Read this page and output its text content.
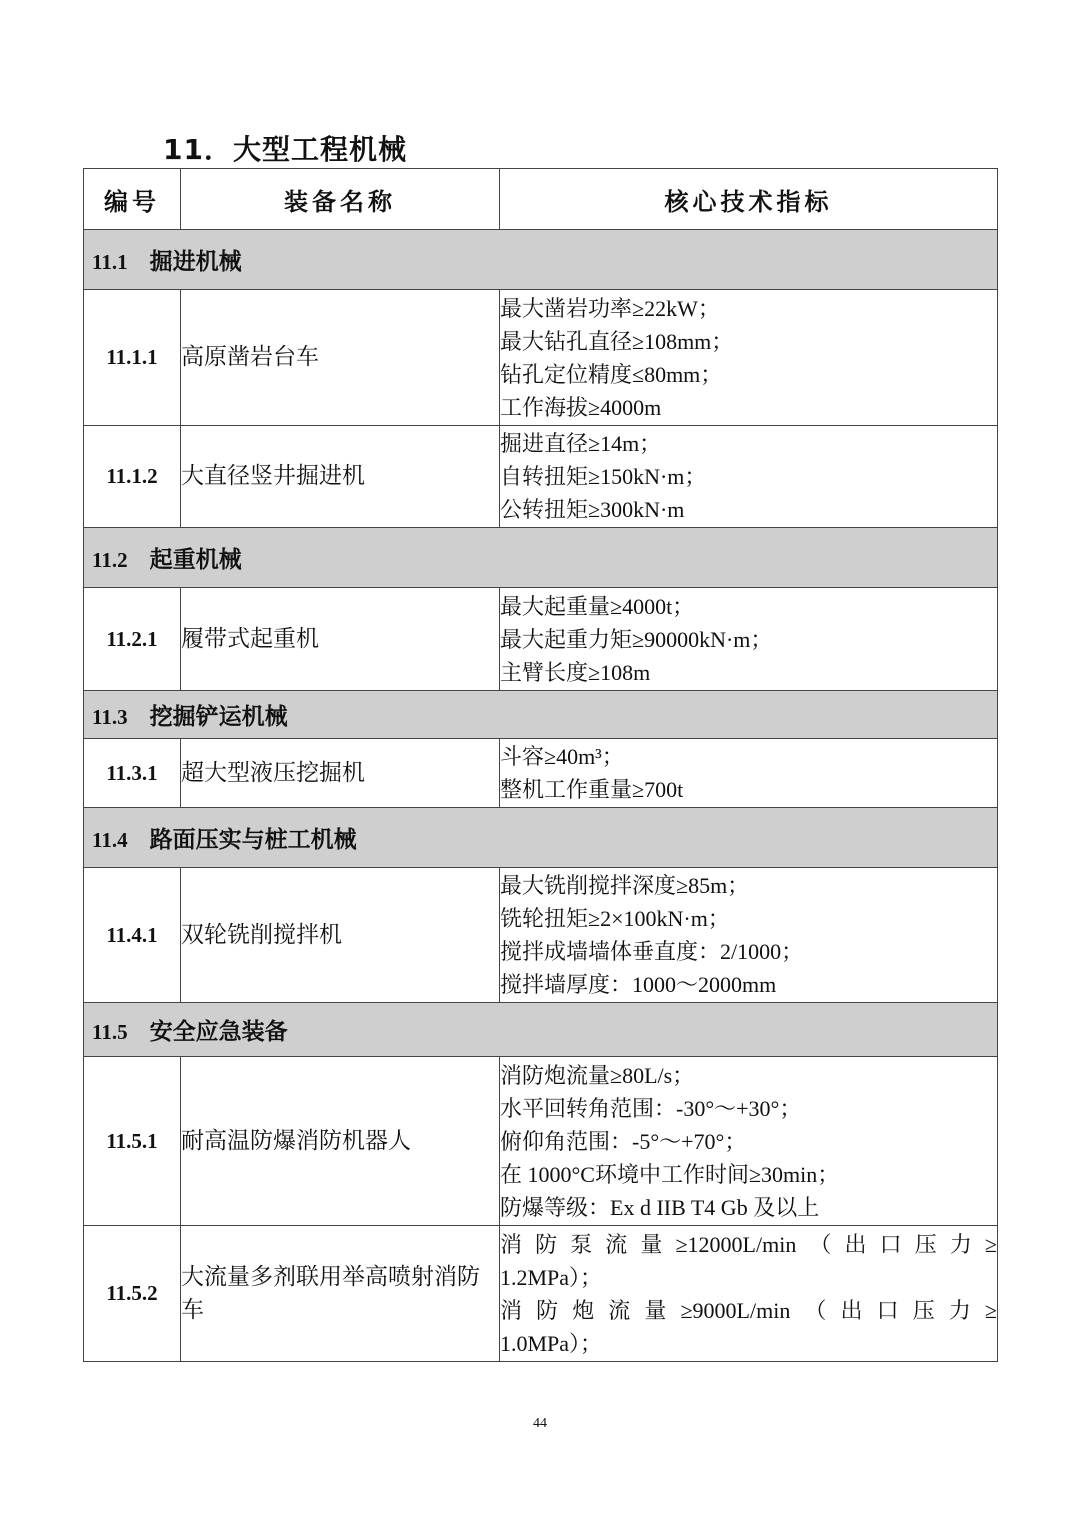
11．大型工程机械
编号	装备名称	核心技术指标
11.1 掘进机械		
11.1.1	高原凿岩台车	最大凿岩功率≥22kW；
最大钻孔直径≥108mm；
钻孔定位精度≤80mm；
工作海拔≥4000m

11.1.2	大直径竖井掘进机	掘进直径≥14m；
自转扭矩≥150kN·m；
公转扭矩≥300kN·m

11.2 起重机械		
11.2.1	履带式起重机	最大起重量≥4000t；
最大起重力矩≥90000kN·m；
主臂长度≥108m

11.3 挖掘铲运机械		
11.3.1	超大型液压挖掘机	斗容≥40m³；
整机工作重量≥700t

11.4 路面压实与桩工机械		
11.4.1	双轮铣削搅拌机	最大铣削搅拌深度≥85m；
铣轮扭矩≥2×100kN·m；
搅拌成墙墙体垂直度：2/1000；
搅拌墙厚度：1000～2000mm

11.5 安全应急装备		
11.5.1	耐高温防爆消防机器人	消防炮流量≥80L/s；
水平回转角范围：-30°～+30°；
俯仰角范围：-5°～+70°；
在 1000°C环境中工作时间≥30min；
防爆等级：Ex d IIB T4 Gb 及以上

11.5.2	大流量多剂联用举高喷射消防车	消防泵流量≥12000L/min（出口压力≥
1.2MPa）；
消防炮流量≥9000L/min（出口压力≥
1.0MPa）；
44
